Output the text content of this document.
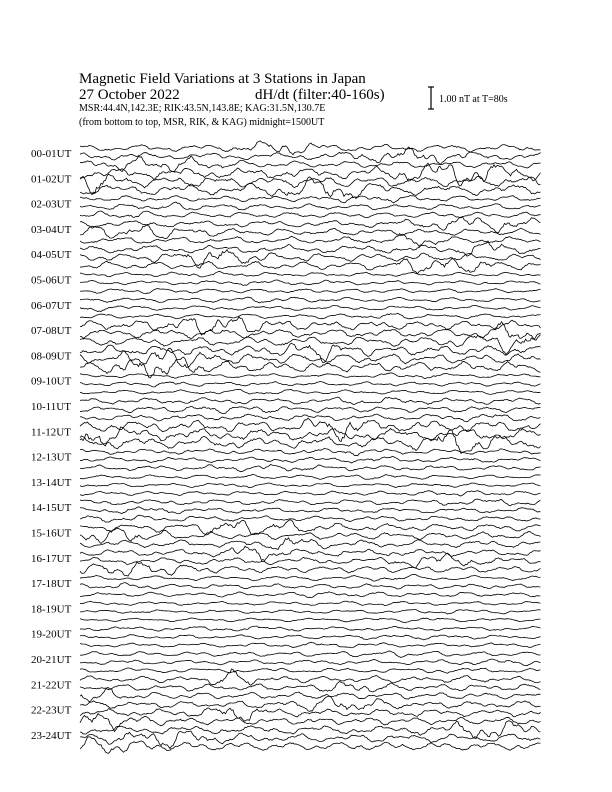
Magnetic Field Variations at 3 Stations in Japan
27 October 2022	dH/dt (filter:40-160s)
MSR:44.4N,142.3E; RIK:43.5N,143.8E; KAG:31.5N,130.7E
(from bottom to top, MSR, RIK, & KAG) midnight=1500UT
1.00 nT at T=80s
00-01UT
01-02UT
02-03UT
03-04UT
04-05UT
05-06UT
06-07UT
07-08UT
08-09UT
09-10UT
10-11UT
11-12UT
12-13UT
13-14UT
14-15UT
15-16UT
16-17UT
17-18UT
18-19UT
19-20UT
20-21UT
21-22UT
22-23UT
23-24UT
